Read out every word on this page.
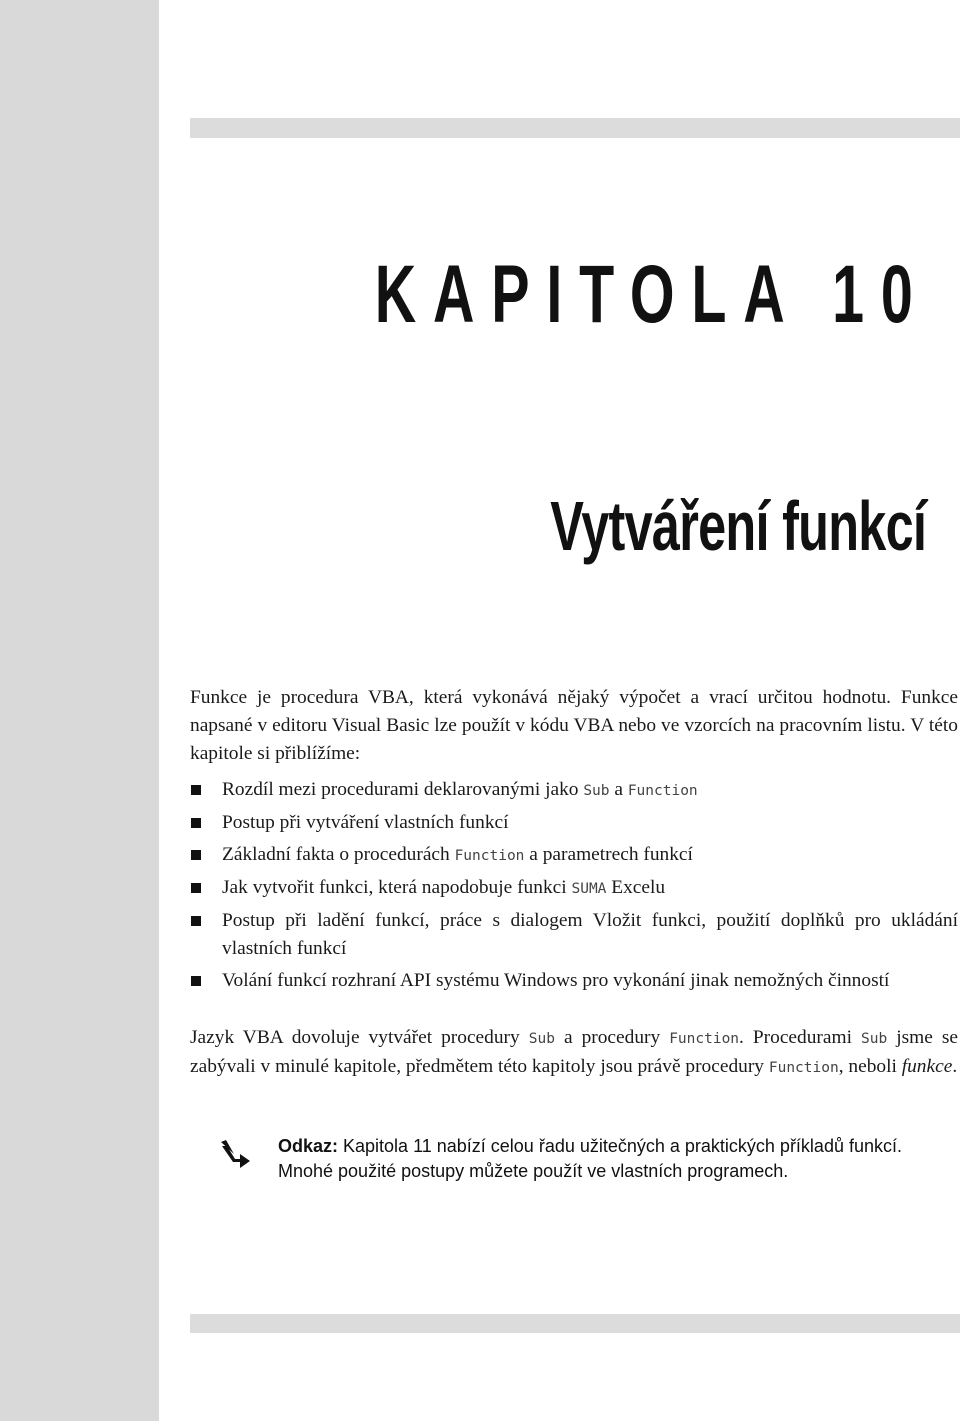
KAPITOLA 10
Vytváření funkcí

Funkce je procedura VBA, která vykonává nějaký výpočet a vrací určitou hodnotu. Funkce napsané v editoru Visual Basic lze použít v kódu VBA nebo ve vzorcích na pracovním listu. V této kapitole si přiblížíme:

Rozdíl mezi procedurami deklarovanými jako Sub a Function
Postup při vytváření vlastních funkcí
Základní fakta o procedurách Function a parametrech funkcí
Jak vytvořit funkci, která napodobuje funkci SUMA Excelu
Postup při ladění funkcí, práce s dialogem Vložit funkci, použití doplňků pro ukládání vlastních funkcí
Volání funkcí rozhraní API systému Windows pro vykonání jinak nemožných činností

Jazyk VBA dovoluje vytvářet procedury Sub a procedury Function. Procedurami Sub jsme se zabývali v minulé kapitole, předmětem této kapitoly jsou právě procedury Function, neboli funkce.

Odkaz: Kapitola 11 nabízí celou řadu užitečných a praktických příkladů funkcí. Mnohé použité postupy můžete použít ve vlastních programech.
